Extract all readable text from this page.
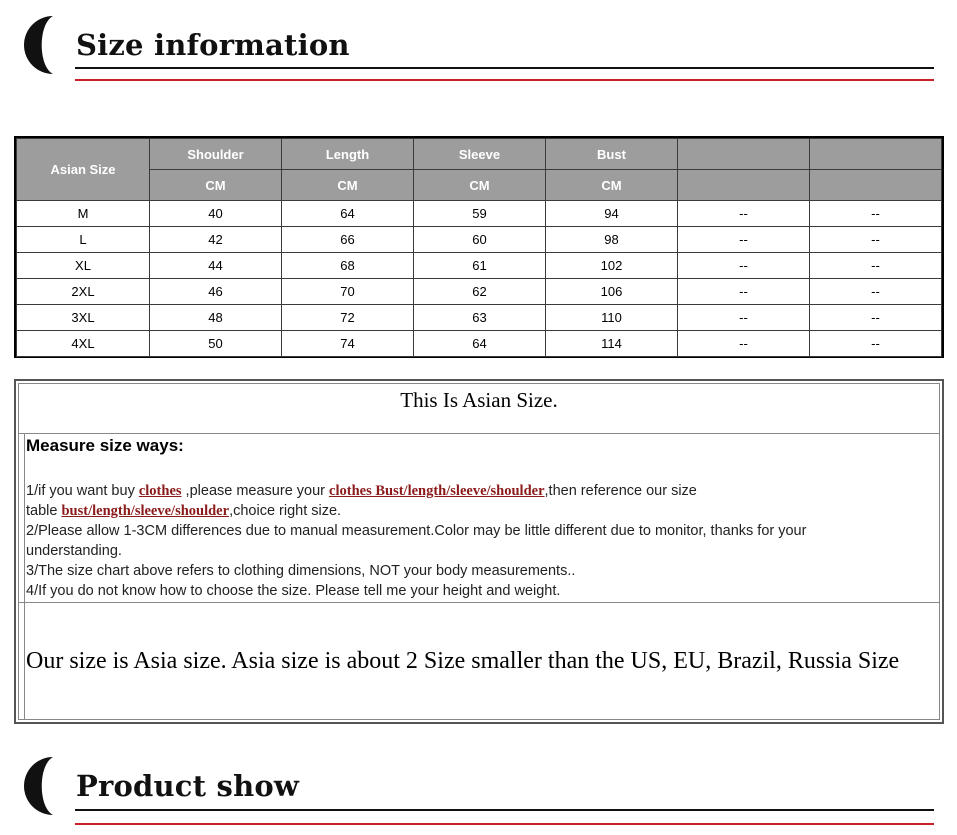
Size information
Asian Size	Shoulder	Length	Sleeve	Bust		
	CM	CM	CM	CM		
M	40	64	59	94	--	--
L	42	66	60	98	--	--
XL	44	68	61	102	--	--
2XL	46	70	62	106	--	--
3XL	48	72	63	110	--	--
4XL	50	74	64	114	--	--
This Is Asian Size.
Measure size ways:

1/if you want buy clothes ,please measure your clothes Bust/length/sleeve/shoulder,then reference our size

table bust/length/sleeve/shoulder,choice right size.

2/Please allow 1-3CM differences due to manual measurement.Color may be little different due to monitor, thanks for your understanding.

3/The size chart above refers to clothing dimensions, NOT your body measurements..

4/If you do not know how to choose the size. Please tell me your height and weight.

Our size is Asia size. Asia size is about 2 Size smaller than the US, EU, Brazil, Russia Size
Product show
